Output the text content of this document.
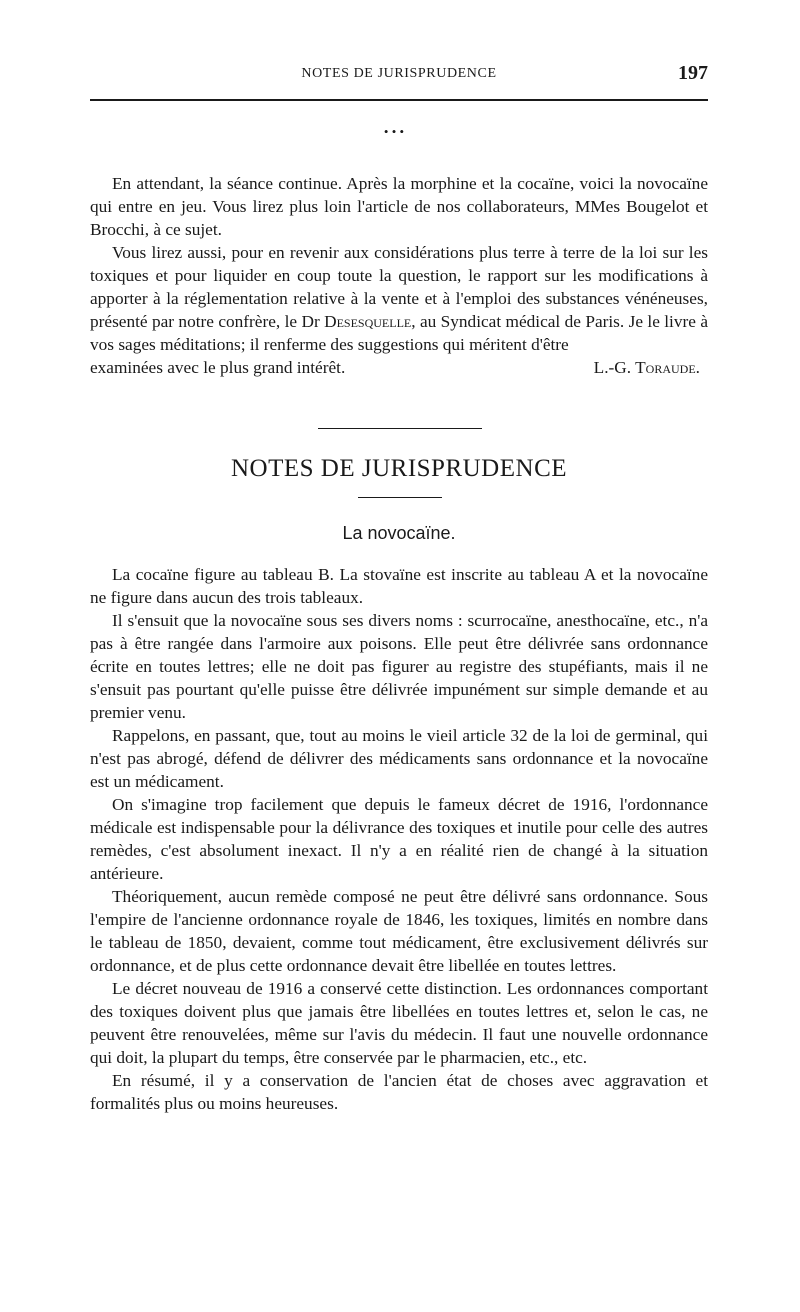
NOTES DE JURISPRUDENCE	197
• • •

En attendant, la séance continue. Après la morphine et la cocaïne, voici la novocaïne qui entre en jeu. Vous lirez plus loin l'article de nos collaborateurs, MMes Bougelot et Brocchi, à ce sujet.

Vous lirez aussi, pour en revenir aux considérations plus terre à terre de la loi sur les toxiques et pour liquider en coup toute la question, le rapport sur les modifications à apporter à la réglementation relative à la vente et à l'emploi des substances vénéneuses, présenté par notre confrère, le Dr Desesquelle, au Syndicat médical de Paris. Je le livre à vos sages méditations; il renferme des suggestions qui méritent d'être

examinées avec le plus grand intérêt.	L.-G. Toraude.

NOTES DE JURISPRUDENCE
La novocaïne.

La cocaïne figure au tableau B. La stovaïne est inscrite au tableau A et la novocaïne ne figure dans aucun des trois tableaux.

Il s'ensuit que la novocaïne sous ses divers noms : scurrocaïne, anesthocaïne, etc., n'a pas à être rangée dans l'armoire aux poisons. Elle peut être délivrée sans ordonnance écrite en toutes lettres; elle ne doit pas figurer au registre des stupéfiants, mais il ne s'ensuit pas pourtant qu'elle puisse être délivrée impunément sur simple demande et au premier venu.

Rappelons, en passant, que, tout au moins le vieil article 32 de la loi de germinal, qui n'est pas abrogé, défend de délivrer des médicaments sans ordonnance et la novocaïne est un médicament.

On s'imagine trop facilement que depuis le fameux décret de 1916, l'ordonnance médicale est indispensable pour la délivrance des toxiques et inutile pour celle des autres remèdes, c'est absolument inexact. Il n'y a en réalité rien de changé à la situation antérieure.

Théoriquement, aucun remède composé ne peut être délivré sans ordonnance. Sous l'empire de l'ancienne ordonnance royale de 1846, les toxiques, limités en nombre dans le tableau de 1850, devaient, comme tout médicament, être exclusivement délivrés sur ordonnance, et de plus cette ordonnance devait être libellée en toutes lettres.

Le décret nouveau de 1916 a conservé cette distinction. Les ordonnances comportant des toxiques doivent plus que jamais être libellées en toutes lettres et, selon le cas, ne peuvent être renouvelées, même sur l'avis du médecin. Il faut une nouvelle ordonnance qui doit, la plupart du temps, être conservée par le pharmacien, etc., etc.

En résumé, il y a conservation de l'ancien état de choses avec aggravation et formalités plus ou moins heureuses.
